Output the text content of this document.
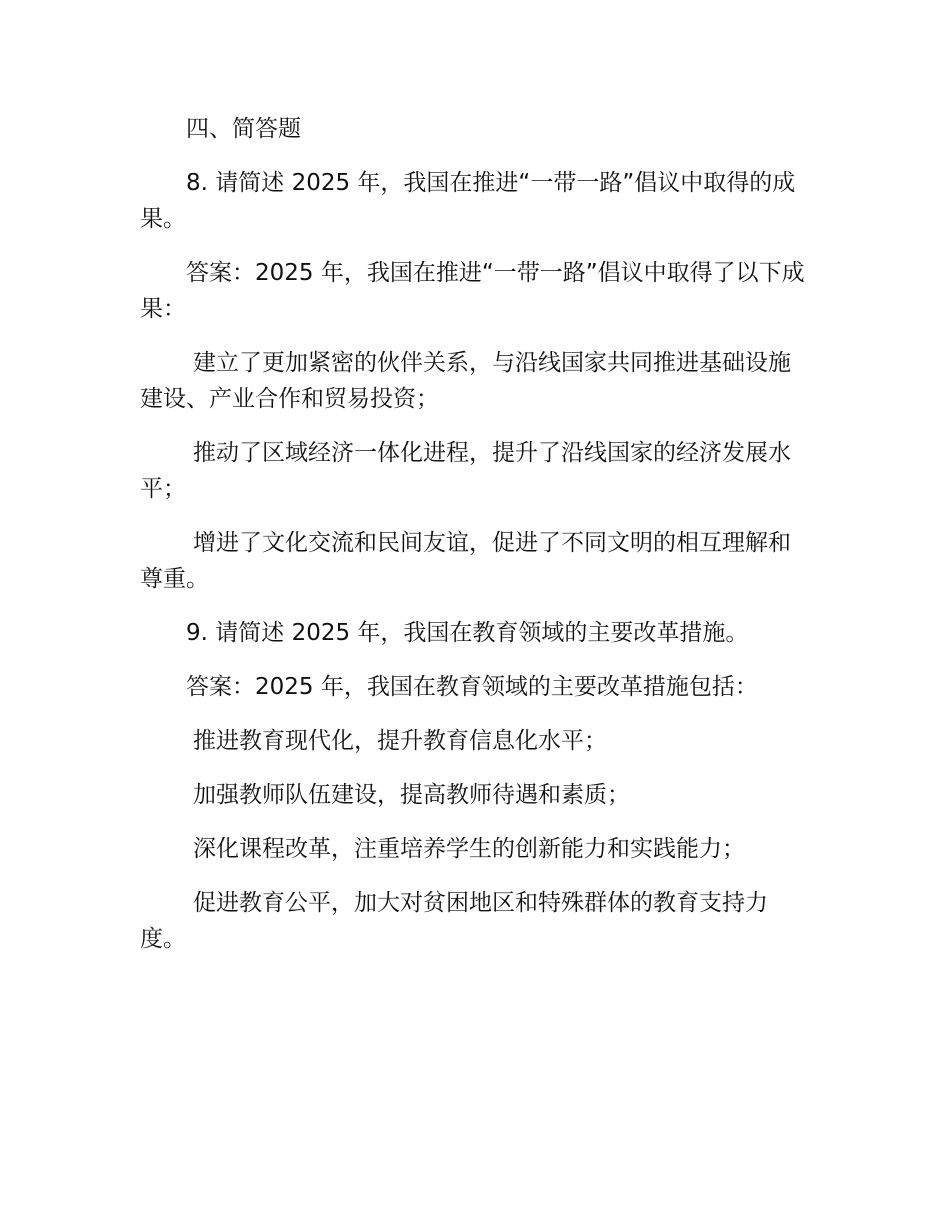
四、简答题

8. 请简述 2025 年，我国在推进“一带一路”倡议中取得的成果。

答案：2025 年，我国在推进“一带一路”倡议中取得了以下成果：

建立了更加紧密的伙伴关系，与沿线国家共同推进基础设施建设、产业合作和贸易投资；

推动了区域经济一体化进程，提升了沿线国家的经济发展水平；

增进了文化交流和民间友谊，促进了不同文明的相互理解和尊重。

9. 请简述 2025 年，我国在教育领域的主要改革措施。

答案：2025 年，我国在教育领域的主要改革措施包括：

推进教育现代化，提升教育信息化水平；

加强教师队伍建设，提高教师待遇和素质；

深化课程改革，注重培养学生的创新能力和实践能力；

促进教育公平，加大对贫困地区和特殊群体的教育支持力度。
